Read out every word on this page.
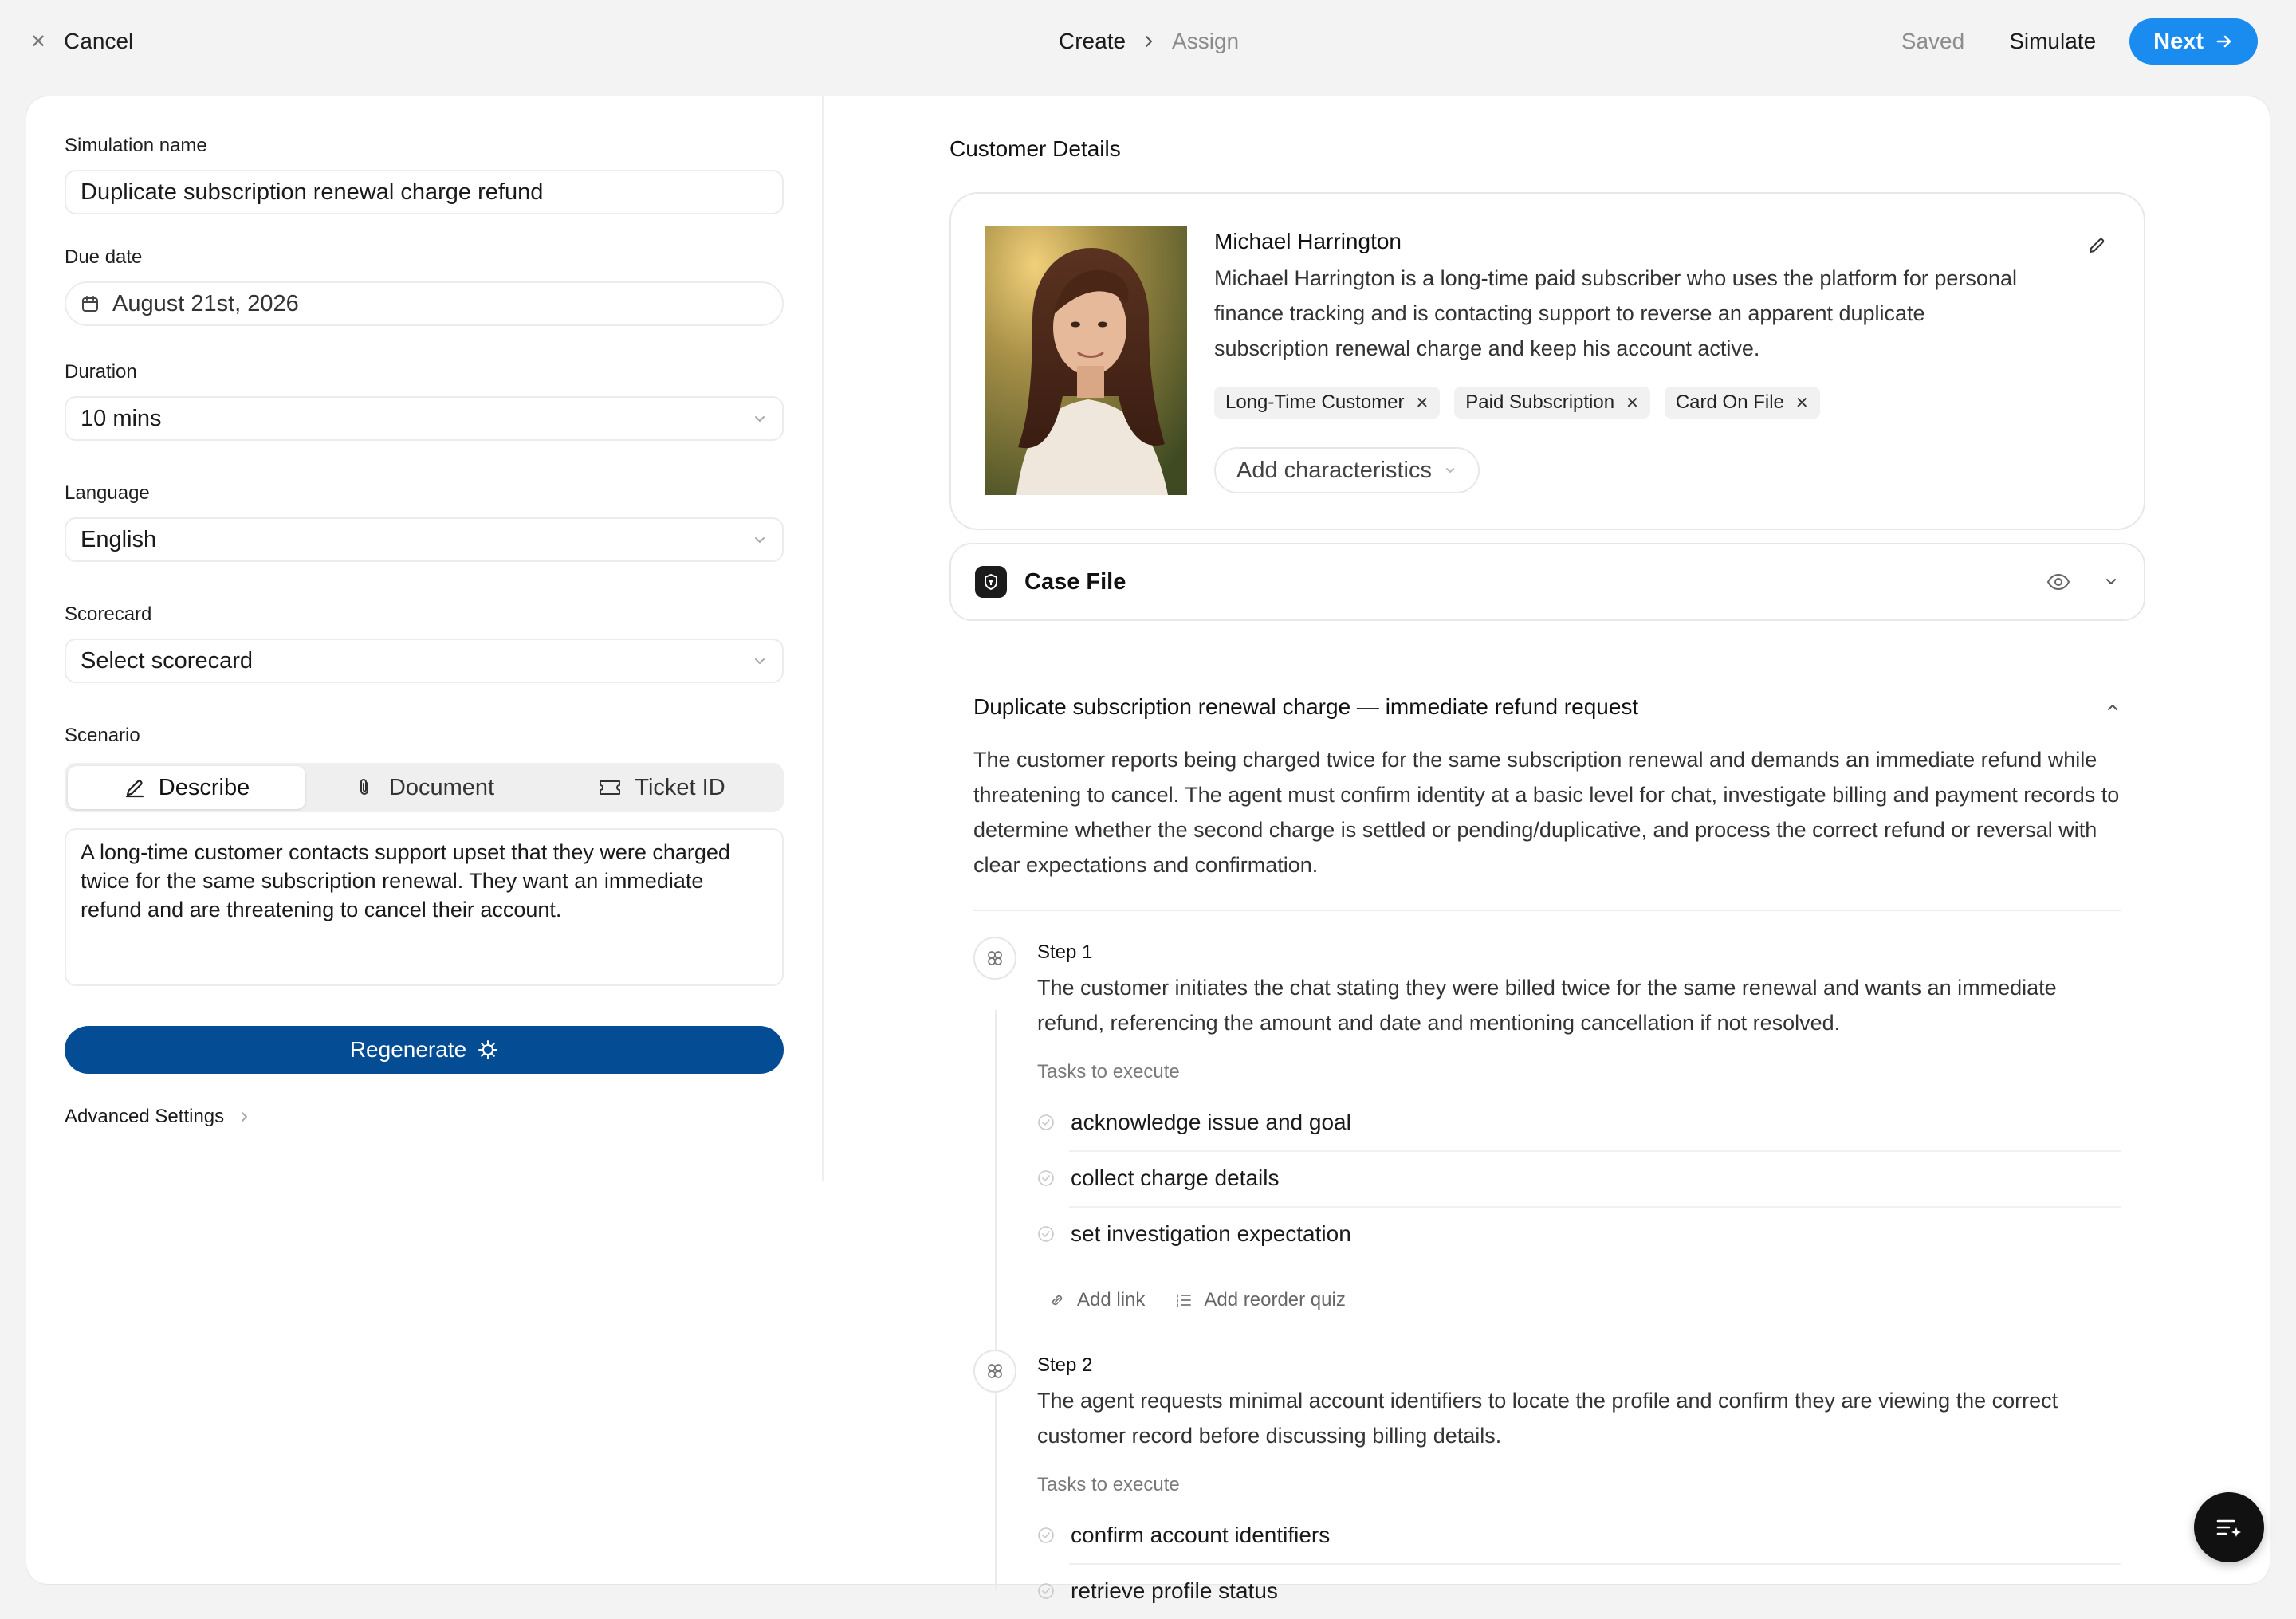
✕ Cancel	Create Assign	Saved Simulate Next
Simulation name
Duplicate subscription renewal charge refund
Due date
August 21st, 2026
Duration
10 mins
Language
English
Scorecard
Select scorecard
Scenario
Describe	Document	Ticket ID
A long-time customer contacts support upset that they were charged twice for the same subscription renewal. They want an immediate refund and are threatening to cancel their account.
Regenerate
Advanced Settings
Customer Details
Michael Harrington
Michael Harrington is a long-time paid subscriber who uses the platform for personal finance tracking and is contacting support to reverse an apparent duplicate subscription renewal charge and keep his account active.
Long-Time Customer ✕ Paid Subscription ✕ Card On File ✕
Add characteristics
Case File
Duplicate subscription renewal charge — immediate refund request
The customer reports being charged twice for the same subscription renewal and demands an immediate refund while threatening to cancel. The agent must confirm identity at a basic level for chat, investigate billing and payment records to determine whether the second charge is settled or pending/duplicative, and process the correct refund or reversal with clear expectations and confirmation.
Step 1
The customer initiates the chat stating they were billed twice for the same renewal and wants an immediate refund, referencing the amount and date and mentioning cancellation if not resolved.
Tasks to execute
acknowledge issue and goal
collect charge details
set investigation expectation
Add link	Add reorder quiz
Step 2
The agent requests minimal account identifiers to locate the profile and confirm they are viewing the correct customer record before discussing billing details.
Tasks to execute
confirm account identifiers
retrieve profile status
